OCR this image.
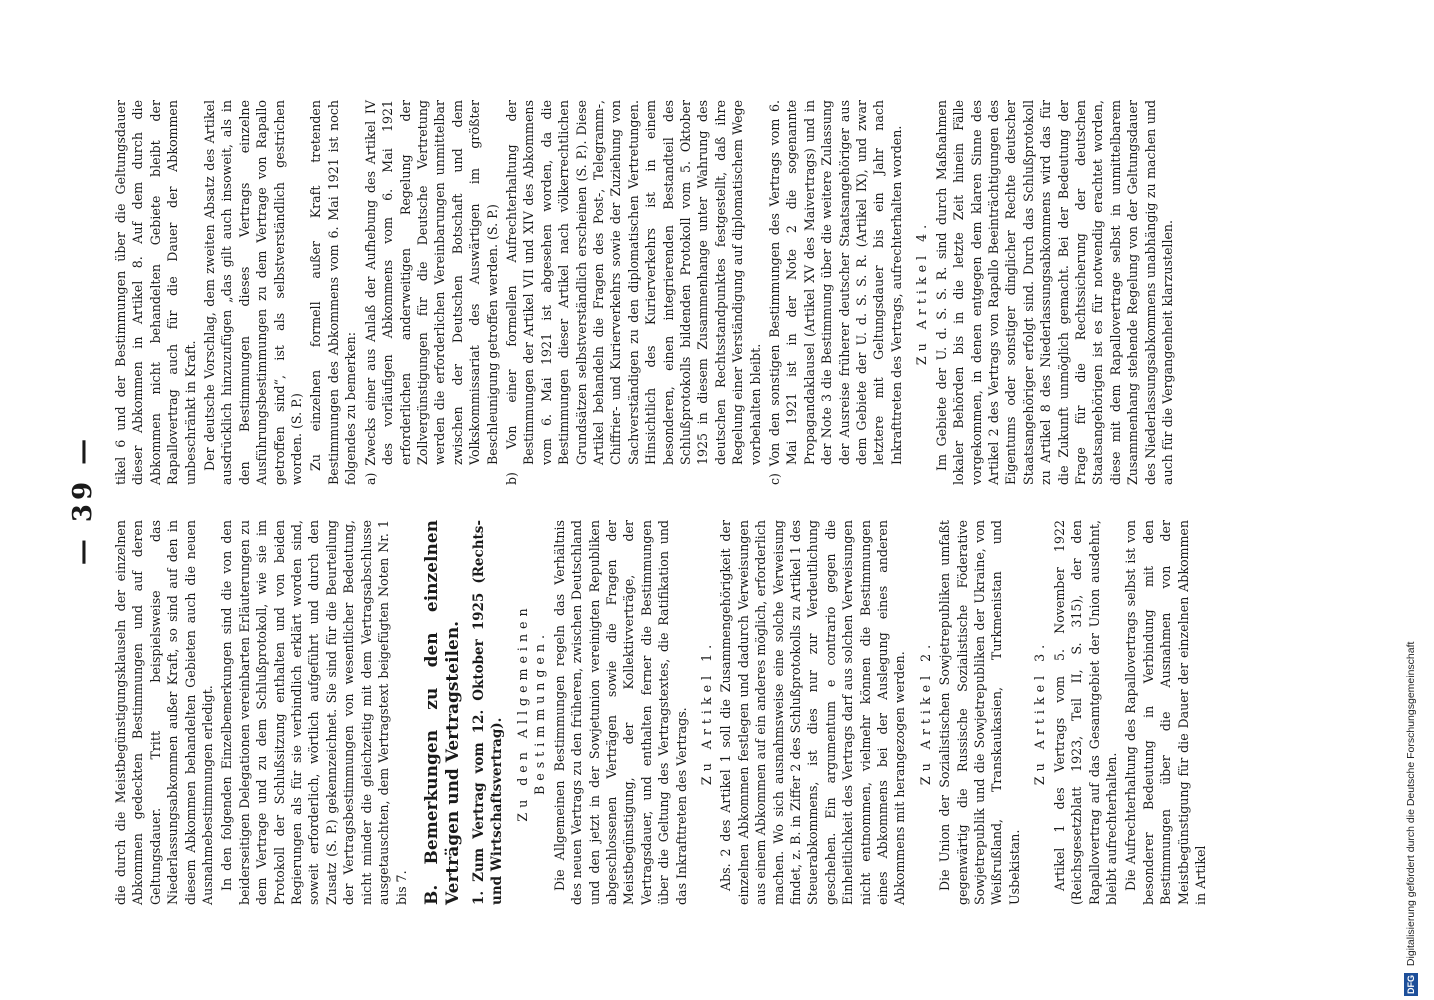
— 39 —

die durch die Meistbegünstigungsklauseln der einzelnen Abkommen gedeckten Bestimmungen und auf deren Geltungsdauer. Tritt beispielsweise das Niederlassungsabkommen außer Kraft, so sind auf den in diesem Abkommen behandelten Gebieten auch die neuen Ausnahmebestimmungen erledigt. In den folgenden Einzelbemerkungen sind die von den beiderseitigen Delegationen vereinbarten Erläuterungen zu dem Vertrage und zu dem Schlußprotokoll, wie sie im Protokoll der Schlußsitzung enthalten und von beiden Regierungen als für sie verbindlich erklärt worden sind, soweit erforderlich, wörtlich aufgeführt und durch den Zusatz (S. P.) gekennzeichnet. Sie sind für die Beurteilung der Vertragsbestimmungen von wesentlicher Bedeutung, nicht minder die gleichzeitig mit dem Vertragsabschlusse ausgetauschten, dem Vertragstext beigefügten Noten Nr. 1 bis 7. B. Bemerkungen zu den einzelnen Verträgen und Vertragsteilen. 1. Zum Vertrag vom 12. Oktober 1925 (Rechts- und Wirtschaftsvertrag). Zu den Allgemeinen Bestimmungen. Die Allgemeinen Bestimmungen regeln das Verhältnis des neuen Vertrags zu den früheren, zwischen Deutschland und den jetzt in der Sowjetunion vereinigten Republiken abgeschlossenen Verträgen sowie die Fragen der Meistbegünstigung, der Kollektivverträge, der Vertragsdauer, und enthalten ferner die Bestimmungen über die Geltung des Vertragstextes, die Ratifikation und das Inkrafttreten des Vertrags. Zu Artikel 1. Abs. 2 des Artikel 1 soll die Zusammengehörigkeit der einzelnen Abkommen festlegen und dadurch Verweisungen aus einem Abkommen auf ein anderes möglich, erforderlich machen. Wo sich ausnahmsweise eine solche Verweisung findet, z. B. in Ziffer 2 des Schlußprotokolls zu Artikel 1 des Steuerabkommens, ist dies nur zur Verdeutlichung geschehen. Ein argumentum e contrario gegen die Einheitlichkeit des Vertrags darf aus solchen Verweisungen nicht entnommen, vielmehr können die Bestimmungen eines Abkommens bei der Auslegung eines anderen Abkommens mit herangezogen werden. Zu Artikel 2. Die Union der Sozialistischen Sowjetrepubliken umfaßt gegenwärtig die Russische Sozialistische Föderative Sowjetrepublik und die Sowjetrepubliken der Ukraine, von Weißrußland, Transkaukasien, Turkmenistan und Usbekistan.

Zu Artikel 3. Artikel 1 des Vertrags vom 5. November 1922 (Reichsgesetzblatt 1923, Teil II, S. 315), der den Rapallovertrag auf das Gesamtgebiet der Union ausdehnt, bleibt aufrechterhalten. Die Aufrechterhaltung des Rapallovertrags selbst ist von besonderer Bedeutung in Verbindung mit den Bestimmungen über die Ausnahmen von der Meistbegünstigung für die Dauer der einzelnen Abkommen in Artikel

tikel 6 und der Bestimmungen über die Geltungsdauer dieser Abkommen in Artikel 8. Auf dem durch die Abkommen nicht behandelten Gebiete bleibt der Rapallovertrag auch für die Dauer der Abkommen unbeschränkt in Kraft. Der deutsche Vorschlag, dem zweiten Absatz des Artikel ausdrücklich hinzuzufügen „das gilt auch insoweit, als in den Bestimmungen dieses Vertrags einzelne Ausführungsbestimmungen zu dem Vertrage von Rapallo getroffen sind“, ist als selbstverständlich gestrichen worden. (S. P.) Zu einzelnen formell außer Kraft tretenden Bestimmungen des Abkommens vom 6. Mai 1921 ist noch folgendes zu bemerken: a) Zwecks einer aus Anlaß der Aufhebung des Artikel IV des vorläufigen Abkommens vom 6. Mai 1921 erforderlichen anderweitigen Regelung der Zollvergünstigungen für die Deutsche Vertretung werden die erforderlichen Vereinbarungen unmittelbar zwischen der Deutschen Botschaft und dem Volkskommissariat des Auswärtigen im größter Beschleunigung getroffen werden. (S. P.) b) Von einer formellen Aufrechterhaltung der Bestimmungen der Artikel VII und XIV des Abkommens vom 6. Mai 1921 ist abgesehen worden, da die Bestimmungen dieser Artikel nach völkerrechtlichen Grundsätzen selbstverständlich erscheinen (S. P.). Diese Artikel behandeln die Fragen des Post-, Telegramm-, Chiffrier- und Kurierverkehrs sowie der Zuziehung von Sachverständigen zu den diplomatischen Vertretungen. Hinsichtlich des Kurierverkehrs ist in einem besonderen, einen integrierenden Bestandteil des Schlußprotokolls bildenden Protokoll vom 5. Oktober 1925 in diesem Zusammenhange unter Wahrung des deutschen Rechtsstandpunktes festgestellt, daß ihre Regelung einer Verständigung auf diplomatischem Wege vorbehalten bleibt. c) Von den sonstigen Bestimmungen des Vertrags vom 6. Mai 1921 ist in der Note 2 die sogenannte Propagandaklausel (Artikel XV des Maivertrags) und in der Note 3 die Bestimmung über die weitere Zulassung der Ausreise früherer deutscher Staatsangehöriger aus dem Gebiete der U. d. S. S. R. (Artikel IX), und zwar letztere mit Geltungsdauer bis ein Jahr nach Inkrafttreten des Vertrags, aufrechterhalten worden. Zu Artikel 4. Im Gebiete der U. d. S. S. R. sind durch Maßnahmen lokaler Behörden bis in die letzte Zeit hinein Fälle vorgekommen, in denen entgegen dem klaren Sinne des Artikel 2 des Vertrags von Rapallo Beeinträchtigungen des Eigentums oder sonstiger dinglicher Rechte deutscher Staatsangehöriger erfolgt sind. Durch das Schlußprotokoll zu Artikel 8 des Niederlassungsabkommens wird das für die Zukunft unmöglich gemacht. Bei der Bedeutung der Frage für die Rechtssicherung der deutschen Staatsangehörigen ist es für notwendig erachtet worden, diese mit dem Rapallovertrage selbst in unmittelbarem Zusammenhang stehende Regelung von der Geltungsdauer des Niederlassungsabkommens unabhängig zu machen und auch für die Vergangenheit klarzustellen.

DFG Digitalisierung gefördert durch die Deutsche Forschungsgemeinschaft
